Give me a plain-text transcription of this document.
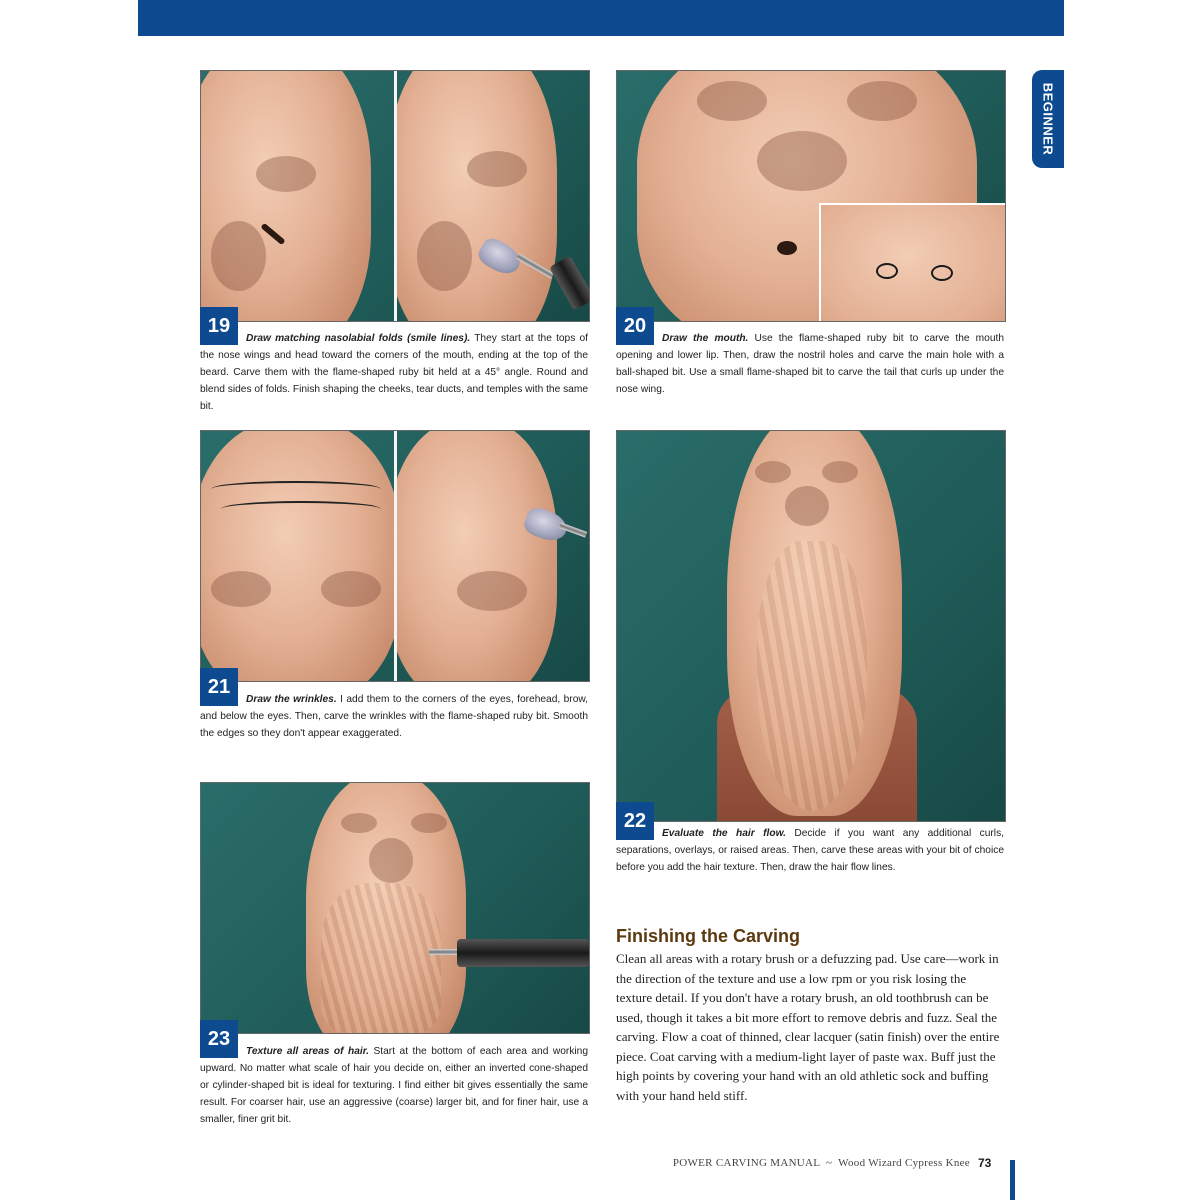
BEGINNER
19
Draw matching nasolabial folds (smile lines). They start at the tops of the nose wings and head toward the corners of the mouth, ending at the top of the beard. Carve them with the flame-shaped ruby bit held at a 45° angle. Round and blend sides of folds. Finish shaping the cheeks, tear ducts, and temples with the same bit.
20
Draw the mouth. Use the flame-shaped ruby bit to carve the mouth opening and lower lip. Then, draw the nostril holes and carve the main hole with a ball-shaped bit. Use a small flame-shaped bit to carve the tail that curls up under the nose wing.
21
Draw the wrinkles. I add them to the corners of the eyes, forehead, brow, and below the eyes. Then, carve the wrinkles with the flame-shaped ruby bit. Smooth the edges so they don't appear exaggerated.
22
Evaluate the hair flow. Decide if you want any additional curls, separations, overlays, or raised areas. Then, carve these areas with your bit of choice before you add the hair texture. Then, draw the hair flow lines.
23
Texture all areas of hair. Start at the bottom of each area and working upward. No matter what scale of hair you decide on, either an inverted cone-shaped or cylinder-shaped bit is ideal for texturing. I find either bit gives essentially the same result. For coarser hair, use an aggressive (coarse) larger bit, and for finer hair, use a smaller, finer grit bit.
Finishing the Carving
Clean all areas with a rotary brush or a defuzzing pad. Use care—work in the direction of the texture and use a low rpm or you risk losing the texture detail. If you don't have a rotary brush, an old toothbrush can be used, though it takes a bit more effort to remove debris and fuzz. Seal the carving. Flow a coat of thinned, clear lacquer (satin finish) over the entire piece. Coat carving with a medium-light layer of paste wax. Buff just the high points by covering your hand with an old athletic sock and buffing with your hand held stiff.
POWER CARVING MANUAL  ~  Wood Wizard Cypress Knee 73
